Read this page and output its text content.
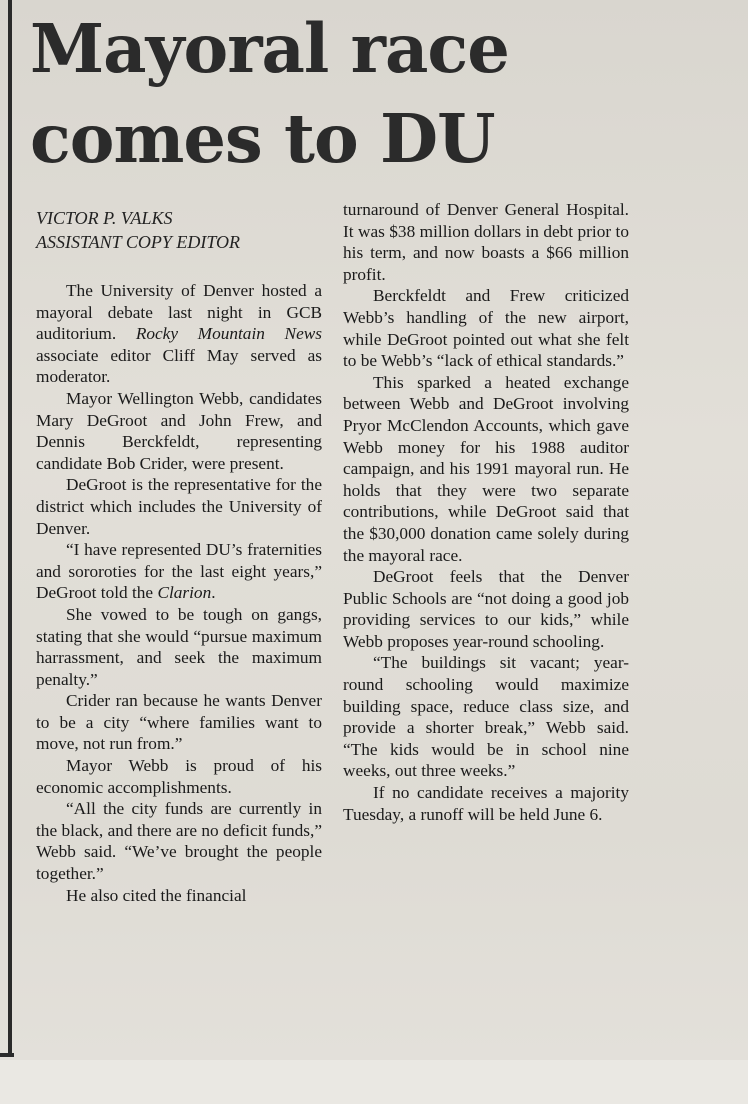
Mayoral race
comes to DU
VICTOR P. VALKS
ASSISTANT COPY EDITOR

The University of Denver hosted a mayoral debate last night in GCB auditorium. Rocky Mountain News associate editor Cliff May served as moderator.

Mayor Wellington Webb, candidates Mary DeGroot and John Frew, and Dennis Berckfeldt, representing candidate Bob Crider, were present.

DeGroot is the representative for the district which includes the University of Denver.

“I have represented DU’s fraternities and sororoties for the last eight years,” DeGroot told the Clarion.

She vowed to be tough on gangs, stating that she would “pursue maximum harrassment, and seek the maximum penalty.”

Crider ran because he wants Denver to be a city “where families want to move, not run from.”

Mayor Webb is proud of his economic accomplishments.

“All the city funds are currently in the black, and there are no deficit funds,” Webb said. “We’ve brought the people together.”

He also cited the financial

turnaround of Denver General Hospital. It was $38 million dollars in debt prior to his term, and now boasts a $66 million profit.

Berckfeldt and Frew criticized Webb’s handling of the new airport, while DeGroot pointed out what she felt to be Webb’s “lack of ethical standards.”

This sparked a heated exchange between Webb and DeGroot involving Pryor McClendon Accounts, which gave Webb money for his 1988 auditor campaign, and his 1991 mayoral run. He holds that they were two separate contributions, while DeGroot said that the $30,000 donation came solely during the mayoral race.

DeGroot feels that the Denver Public Schools are “not doing a good job providing services to our kids,” while Webb proposes year-round schooling.

“The buildings sit vacant; year-round schooling would maximize building space, reduce class size, and provide a shorter break,” Webb said. “The kids would be in school nine weeks, out three weeks.”

If no candidate receives a majority Tuesday, a runoff will be held June 6.
